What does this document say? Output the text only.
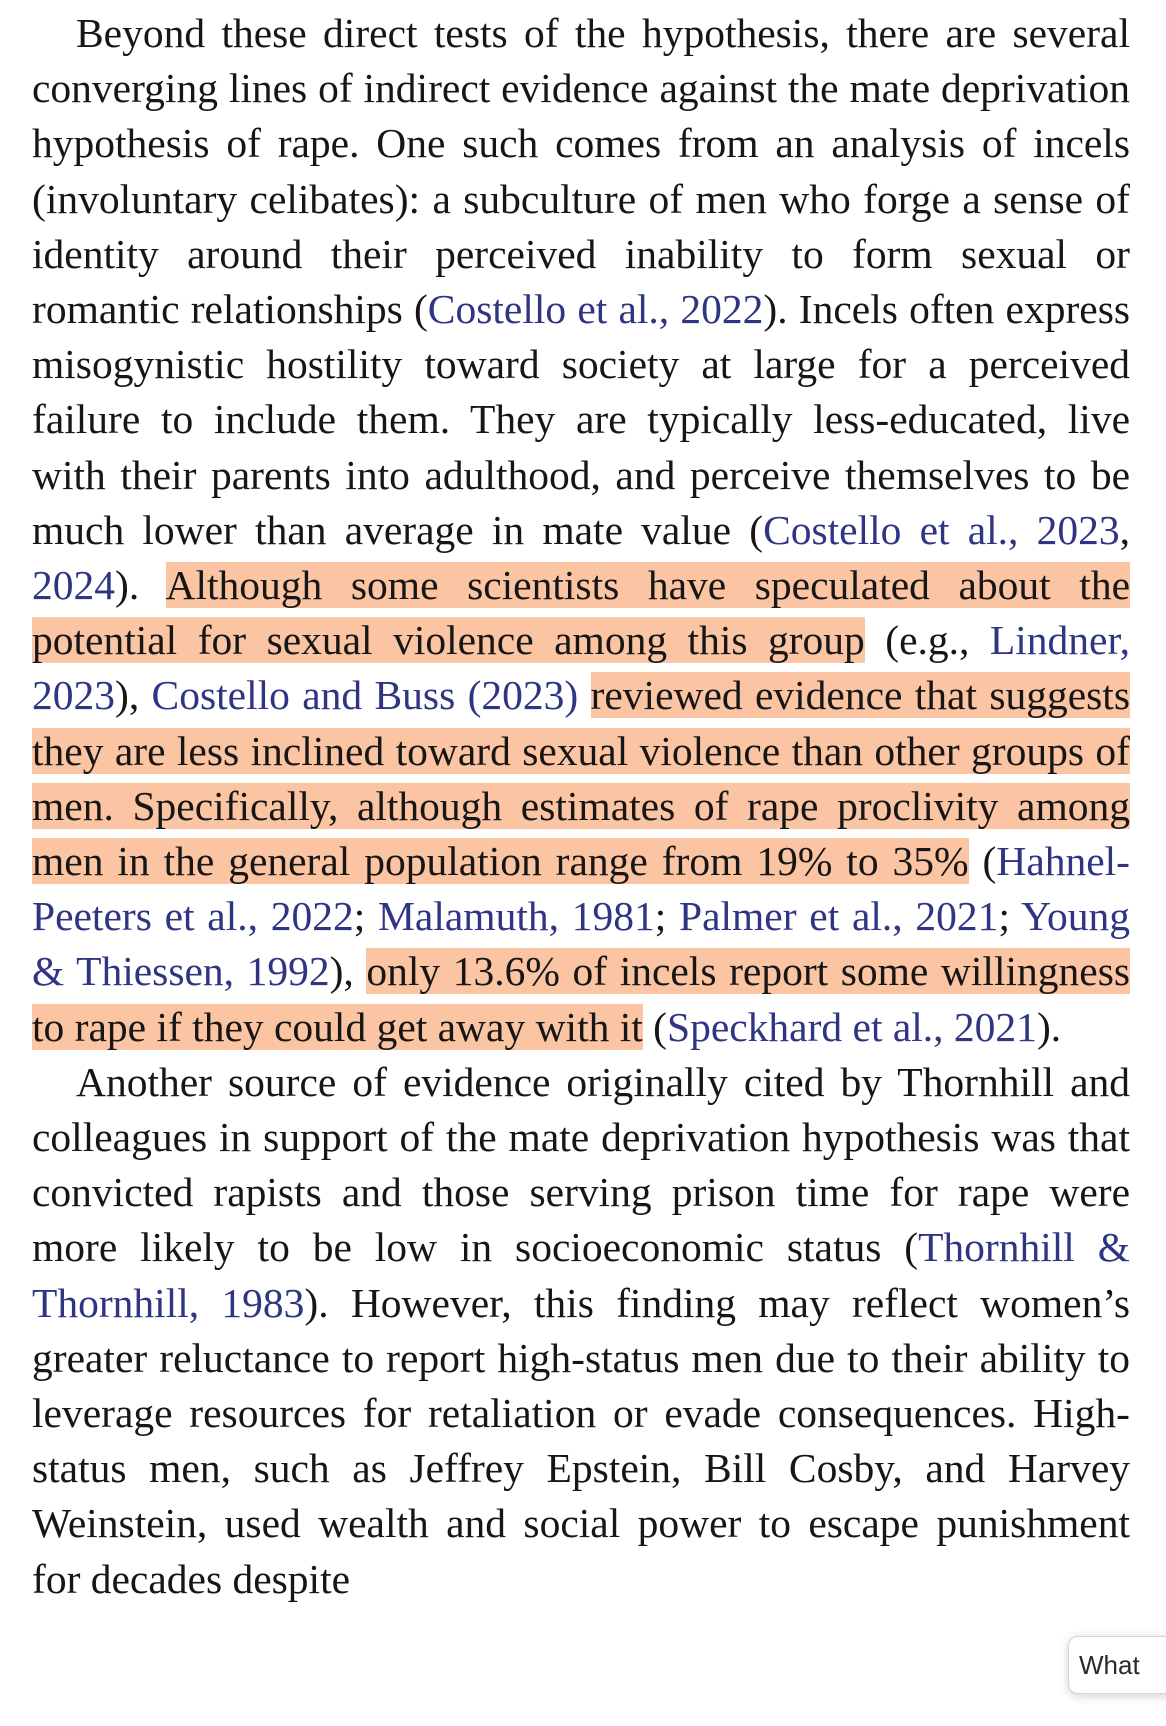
Beyond these direct tests of the hypothesis, there are several converging lines of indirect evidence against the mate deprivation hypothesis of rape. One such comes from an analysis of incels (involuntary celibates): a subculture of men who forge a sense of identity around their perceived inability to form sexual or romantic relationships (Costello et al., 2022). Incels often express misogynistic hostility toward society at large for a perceived failure to include them. They are typically less-educated, live with their parents into adulthood, and perceive themselves to be much lower than average in mate value (Costello et al., 2023, 2024). Although some scientists have speculated about the potential for sexual violence among this group (e.g., Lindner, 2023), Costello and Buss (2023) reviewed evidence that suggests they are less inclined toward sexual violence than other groups of men. Specifically, although estimates of rape proclivity among men in the general population range from 19% to 35% (Hahnel-Peeters et al., 2022; Malamuth, 1981; Palmer et al., 2021; Young & Thiessen, 1992), only 13.6% of incels report some willingness to rape if they could get away with it (Speckhard et al., 2021).

Another source of evidence originally cited by Thornhill and colleagues in support of the mate deprivation hypothesis was that convicted rapists and those serving prison time for rape were more likely to be low in socioeconomic status (Thornhill & Thornhill, 1983). However, this finding may reflect women’s greater reluctance to report high-status men due to their ability to leverage resources for retaliation or evade consequences. High-status men, such as Jeffrey Epstein, Bill Cosby, and Harvey Weinstein, used wealth and social power to escape punishment for decades despite

What
